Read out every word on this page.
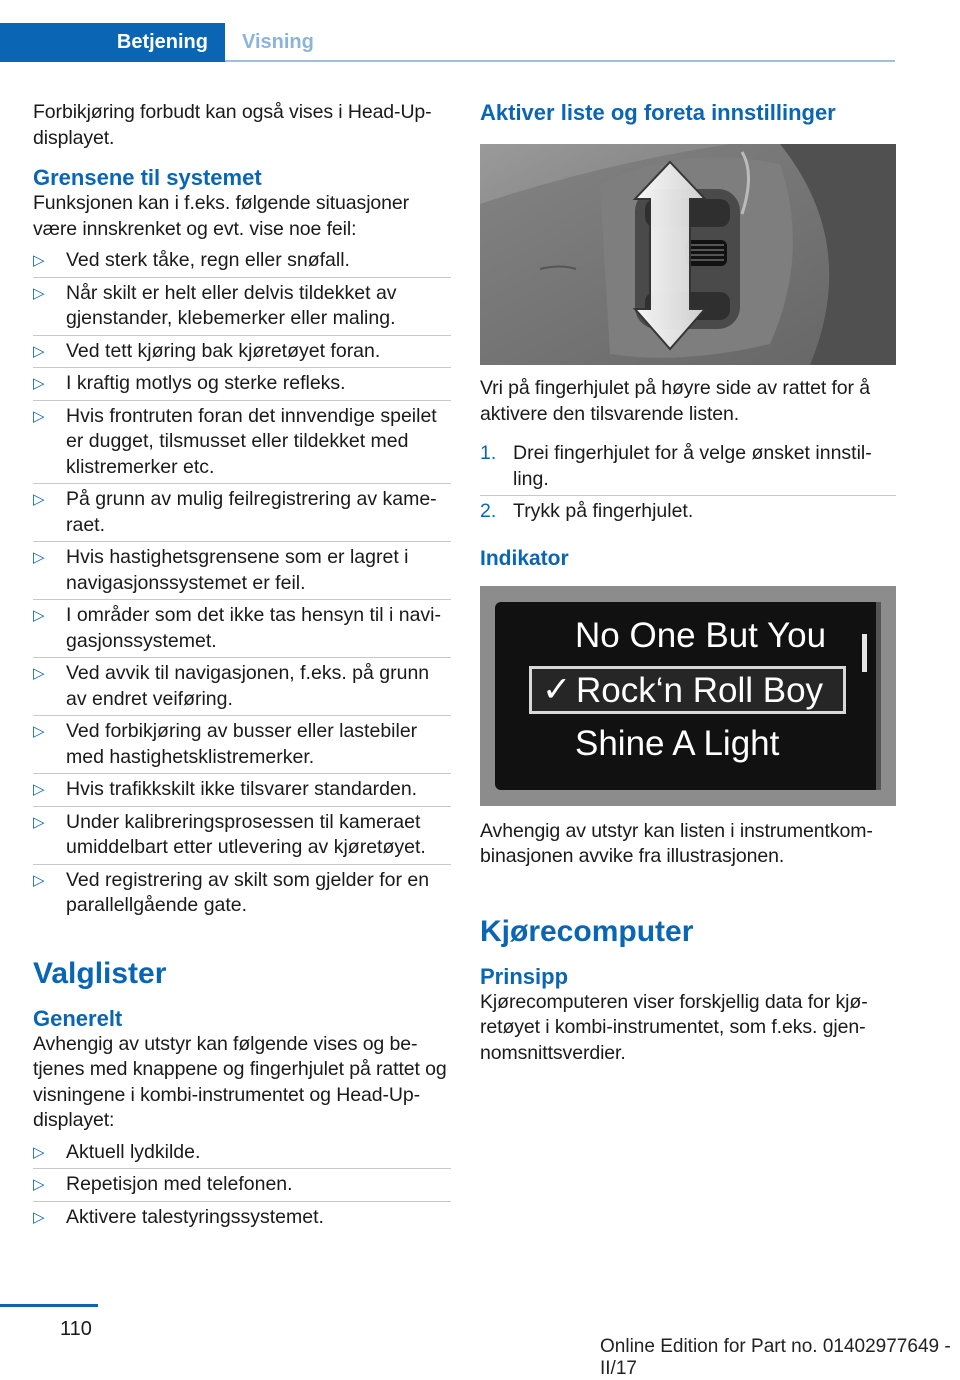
Betjening	Visning

Forbikjøring forbudt kan også vises i Head-Up-displayet.

Grensene til systemet

Funksjonen kan i f.eks. følgende situasjoner være innskrenket og evt. vise noe feil:

▷ Ved sterk tåke, regn eller snøfall.
▷ Når skilt er helt eller delvis tildekket av gjenstander, klebemerker eller maling.
▷ Ved tett kjøring bak kjøretøyet foran.
▷ I kraftig motlys og sterke refleks.
▷ Hvis frontruten foran det innvendige speilet er dugget, tilsmusset eller tildekket med klistremerker etc.
▷ På grunn av mulig feilregistrering av kame-raet.
▷ Hvis hastighetsgrensene som er lagret i navigasjonssystemet er feil.
▷ I områder som det ikke tas hensyn til i navi-gasjonssystemet.
▷ Ved avvik til navigasjonen, f.eks. på grunn av endret veiføring.
▷ Ved forbikjøring av busser eller lastebiler med hastighetsklistremerker.
▷ Hvis trafikkskilt ikke tilsvarer standarden.
▷ Under kalibreringsprosessen til kameraet umiddelbart etter utlevering av kjøretøyet.
▷ Ved registrering av skilt som gjelder for en parallellgående gate.
Valglister
Generelt

Avhengig av utstyr kan følgende vises og be-tjenes med knappene og fingerhjulet på rattet og visningene i kombi-instrumentet og Head-Up-displayet:

▷ Aktuell lydkilde.
▷ Repetisjon med telefonen.
▷ Aktivere talestyringssystemet.
Aktiver liste og foreta innstillinger

Vri på fingerhjulet på høyre side av rattet for å aktivere den tilsvarende listen.

1. Drei fingerhjulet for å velge ønsket innstil-ling.
2. Trykk på fingerhjulet.
Indikator
No One But You
✓ Rock‘n Roll Boy
Shine A Light

Avhengig av utstyr kan listen i instrumentkom-binasjonen avvike fra illustrasjonen.

Kjørecomputer
Prinsipp

Kjørecomputeren viser forskjellig data for kjø-retøyet i kombi-instrumentet, som f.eks. gjen-nomsnittsverdier.

110
Online Edition for Part no. 01402977649 - II/17
